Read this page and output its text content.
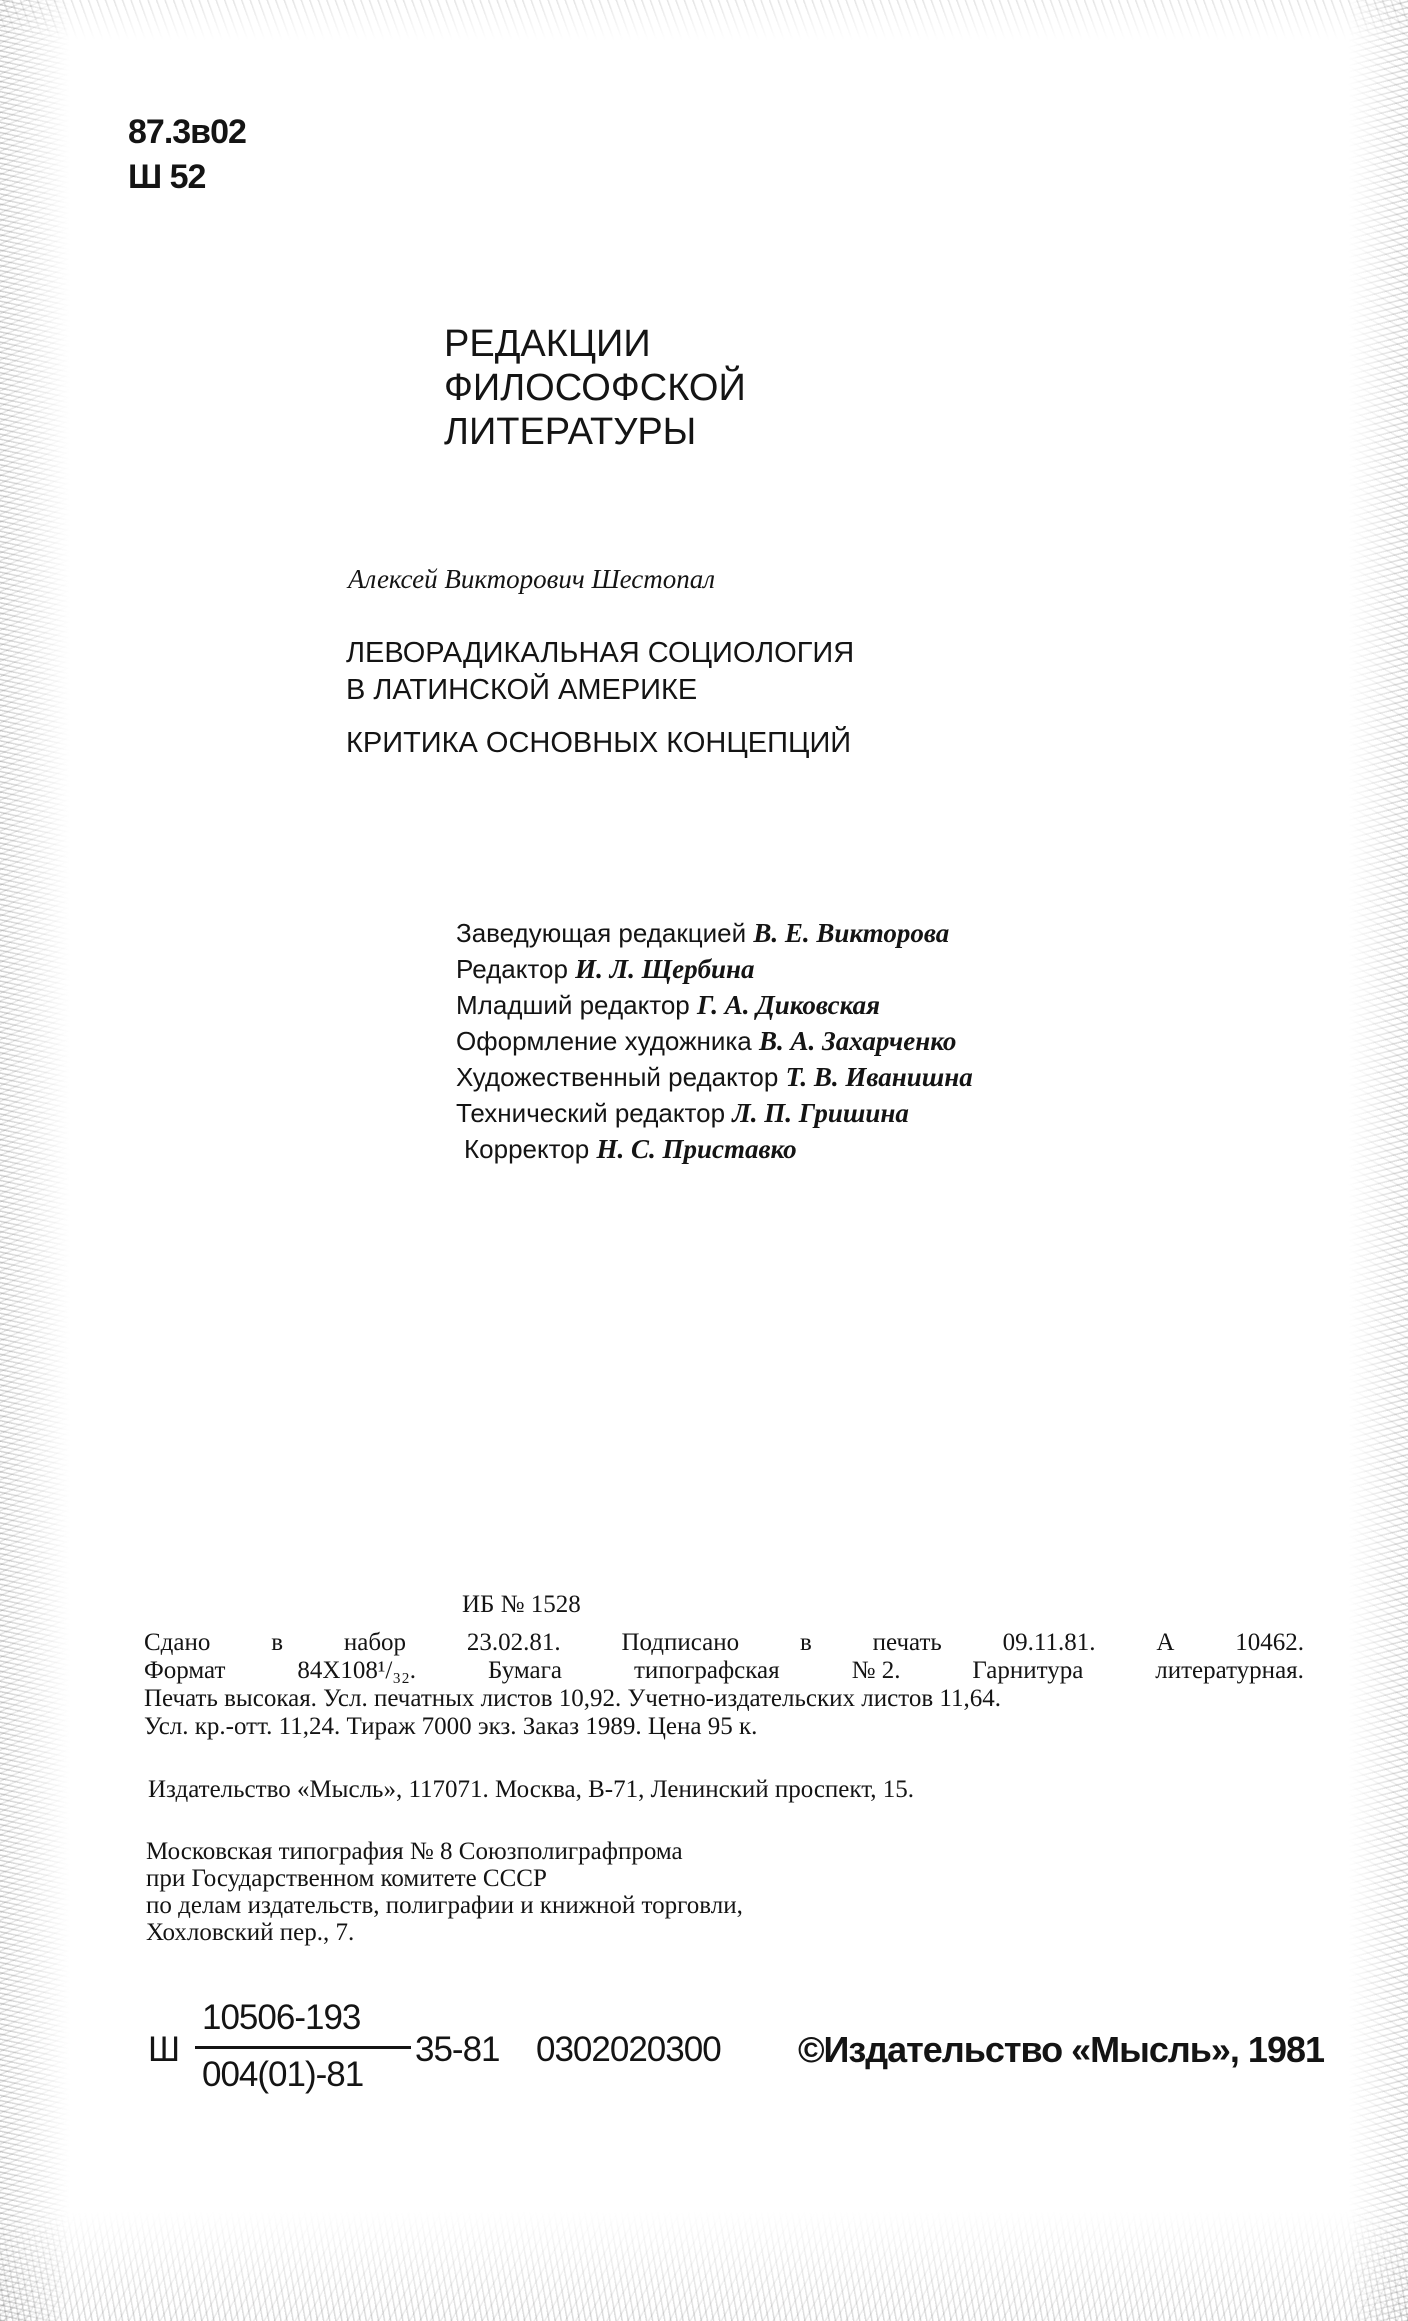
87.3в02
Ш 52
РЕДАКЦИИ
ФИЛОСОФСКОЙ
ЛИТЕРАТУРЫ
Алексей Викторович Шестопал
ЛЕВОРАДИКАЛЬНАЯ СОЦИОЛОГИЯ
В ЛАТИНСКОЙ АМЕРИКЕ
КРИТИКА ОСНОВНЫХ КОНЦЕПЦИЙ
Заведующая редакцией В. Е. Викторова
Редактор И. Л. Щербина
Младший редактор Г. А. Диковская
Оформление художника В. А. Захарченко
Художественный редактор Т. В. Иванишна
Технический редактор Л. П. Гришина
Корректор Н. С. Приставко
ИБ № 1528
Сдано в набор 23.02.81. Подписано в печать 09.11.81. А 10462.
Формат	84X108¹/₃₂.	Бумага	типографская	№ 2.	Гарнитура	литературная.
Печать высокая. Усл. печатных листов 10,92. Учетно-издательских листов 11,64.
Усл. кр.-отт. 11,24. Тираж 7000 экз. Заказ 1989. Цена 95 к.
Издательство «Мысль», 117071. Москва, В-71, Ленинский проспект, 15.
Московская типография № 8 Союзполиграфпрома
при Государственном комитете СССР
по делам издательств, полиграфии и книжной торговли,
Хохловский пер., 7.
Ш
10506-193
004(01)-81
35-81 0302020300 ©Издательство «Мысль», 1981
